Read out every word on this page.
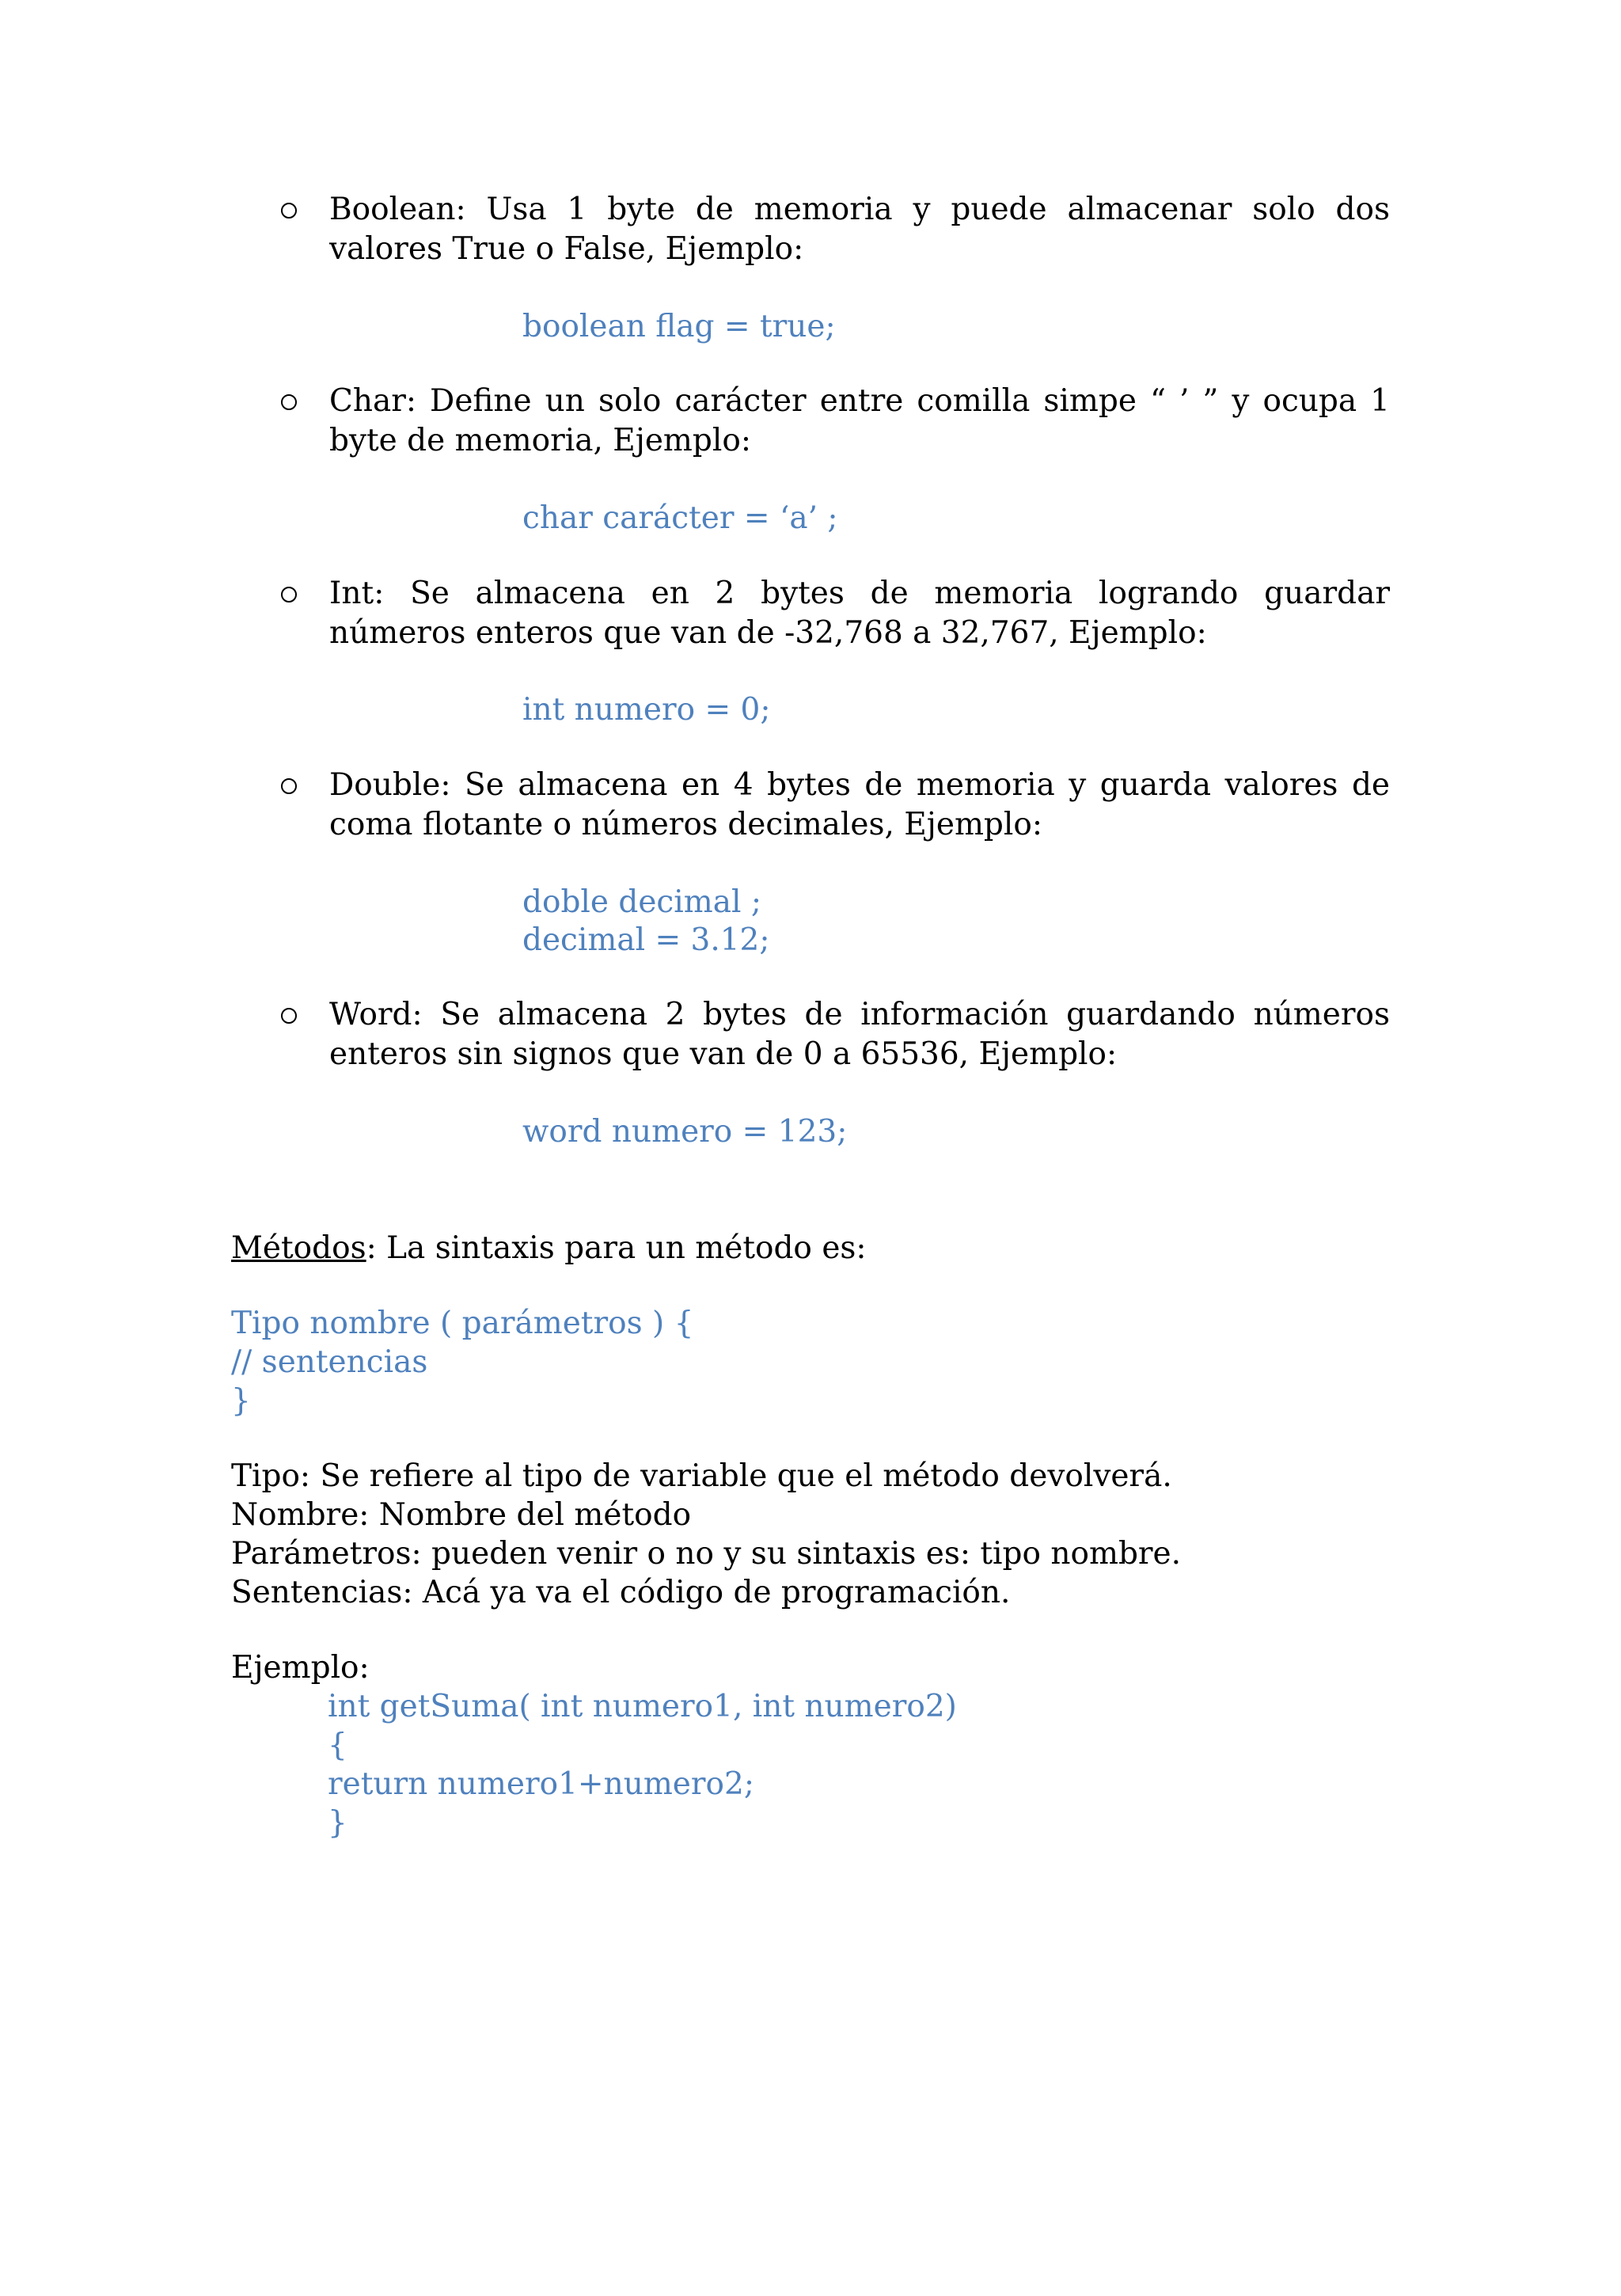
Boolean: Usa 1 byte de memoria y puede almacenar solo dos valores True o False, Ejemplo:
boolean flag = true;
Char: Define un solo carácter entre comilla simpe “ ’ ” y ocupa 1 byte de memoria, Ejemplo:
char carácter = ‘a’ ;
Int: Se almacena en 2 bytes de memoria logrando guardar números enteros que van de -32,768 a 32,767, Ejemplo:
int numero = 0;
Double: Se almacena en 4 bytes de memoria y guarda valores de coma flotante o números decimales, Ejemplo:
doble decimal ;
decimal = 3.12;
Word: Se almacena 2 bytes de información guardando números enteros sin signos que van de 0 a 65536, Ejemplo:
word numero = 123;
Métodos: La sintaxis para un método es:
Tipo nombre ( parámetros ) {
// sentencias
}
Tipo: Se refiere al tipo de variable que el método devolverá.
Nombre: Nombre del método
Parámetros: pueden venir o no y su sintaxis es: tipo nombre.
Sentencias: Acá ya va el código de programación.
Ejemplo:
int getSuma( int numero1, int numero2)
{
return numero1+numero2;
}
